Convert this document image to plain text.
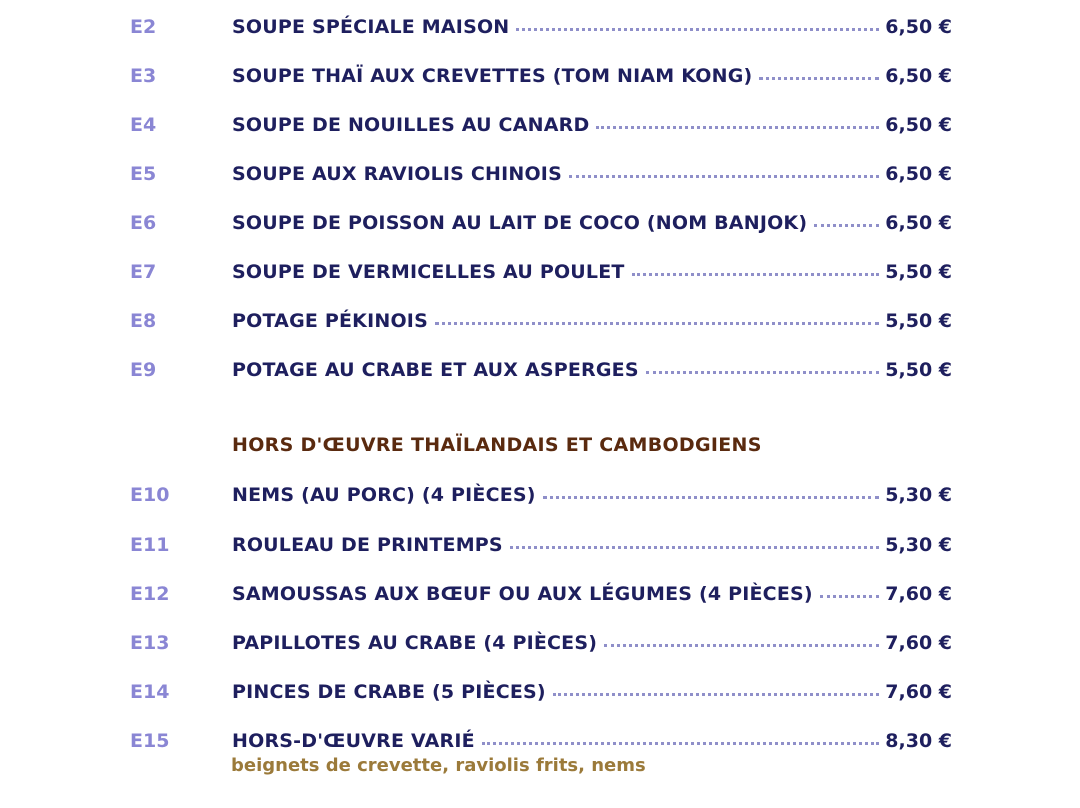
E2	SOUPE SPÉCIALE MAISON	6,50 €
E3	SOUPE THAÏ AUX CREVETTES (TOM NIAM KONG)	6,50 €
E4	SOUPE DE NOUILLES AU CANARD	6,50 €
E5	SOUPE AUX RAVIOLIS CHINOIS	6,50 €
E6	SOUPE DE POISSON AU LAIT DE COCO (NOM BANJOK)	6,50 €
E7	SOUPE DE VERMICELLES AU POULET	5,50 €
E8	POTAGE PÉKINOIS	5,50 €
E9	POTAGE AU CRABE ET AUX ASPERGES	5,50 €
HORS D'ŒUVRE THAÏLANDAIS ET CAMBODGIENS
E10	NEMS (AU PORC) (4 PIÈCES)	5,30 €
E11	ROULEAU DE PRINTEMPS	5,30 €
E12	SAMOUSSAS AUX BŒUF OU AUX LÉGUMES (4 PIÈCES)	7,60 €
E13	PAPILLOTES AU CRABE (4 PIÈCES)	7,60 €
E14	PINCES DE CRABE (5 PIÈCES)	7,60 €
E15	HORS-D'ŒUVRE VARIÉ	8,30 €
beignets de crevette, raviolis frits, nems
